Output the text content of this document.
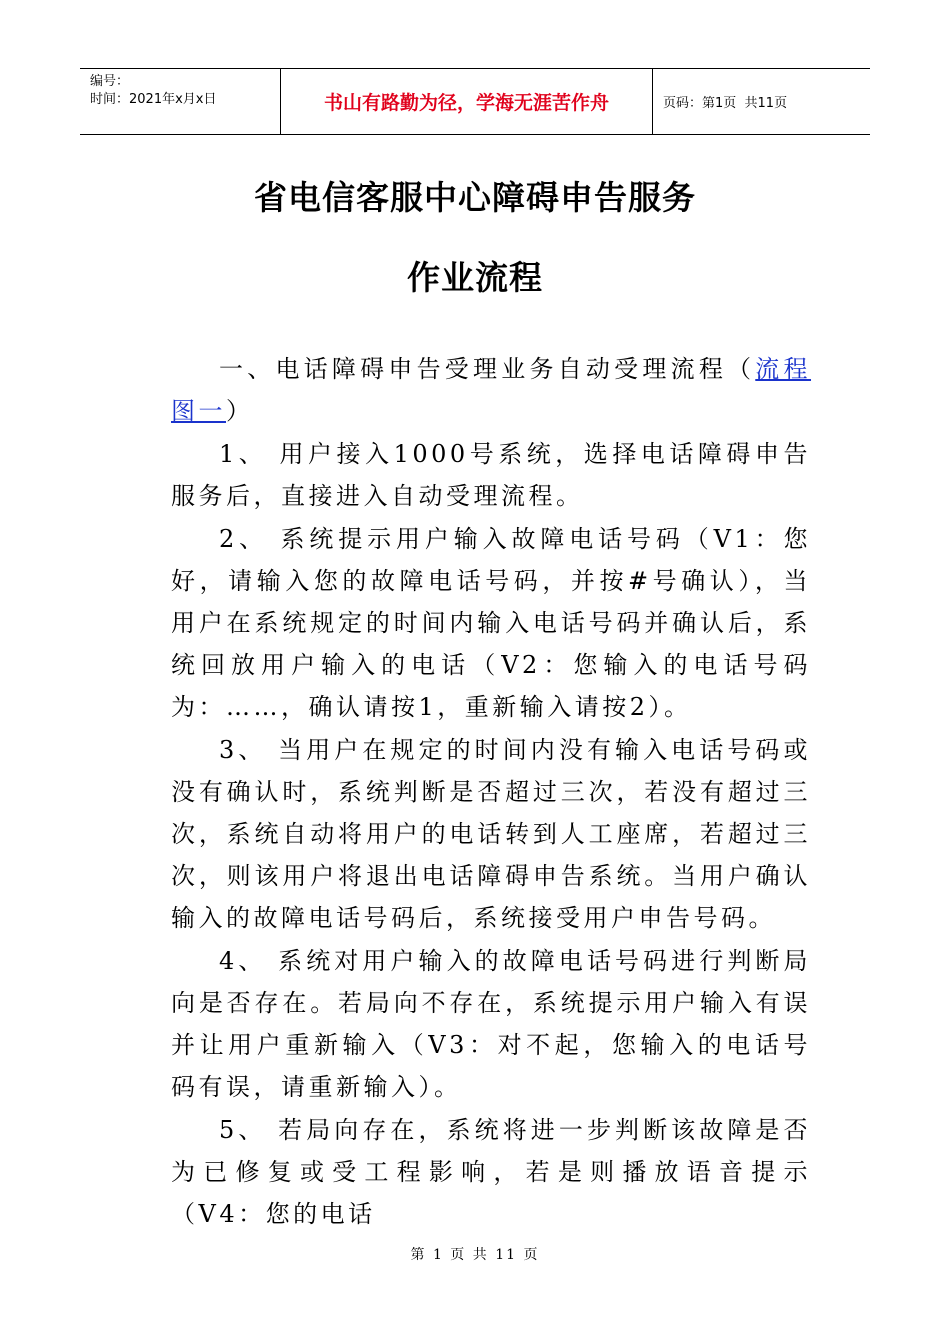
编号：
时间：2021年x月x日	书山有路勤为径，学海无涯苦作舟	页码：第1页  共11页
省电信客服中心障碍申告服务
作业流程

一、电话障碍申告受理业务自动受理流程（流程图一）

1、 用户接入1000号系统，选择电话障碍申告服务后，直接进入自动受理流程。

2、 系统提示用户输入故障电话号码（V1：您好，请输入您的故障电话号码，并按#号确认），当用户在系统规定的时间内输入电话号码并确认后，系统回放用户输入的电话（V2：您输入的电话号码为：……，确认请按1，重新输入请按2）。

3、 当用户在规定的时间内没有输入电话号码或没有确认时，系统判断是否超过三次，若没有超过三次，系统自动将用户的电话转到人工座席，若超过三次，则该用户将退出电话障碍申告系统。当用户确认输入的故障电话号码后，系统接受用户申告号码。

4、 系统对用户输入的故障电话号码进行判断局向是否存在。若局向不存在，系统提示用户输入有误并让用户重新输入（V3：对不起，您输入的电话号码有误，请重新输入）。

5、 若局向存在，系统将进一步判断该故障是否为已修复或受工程影响，若是则播放语音提示（V4：您的电话

第 1 页 共 11 页
